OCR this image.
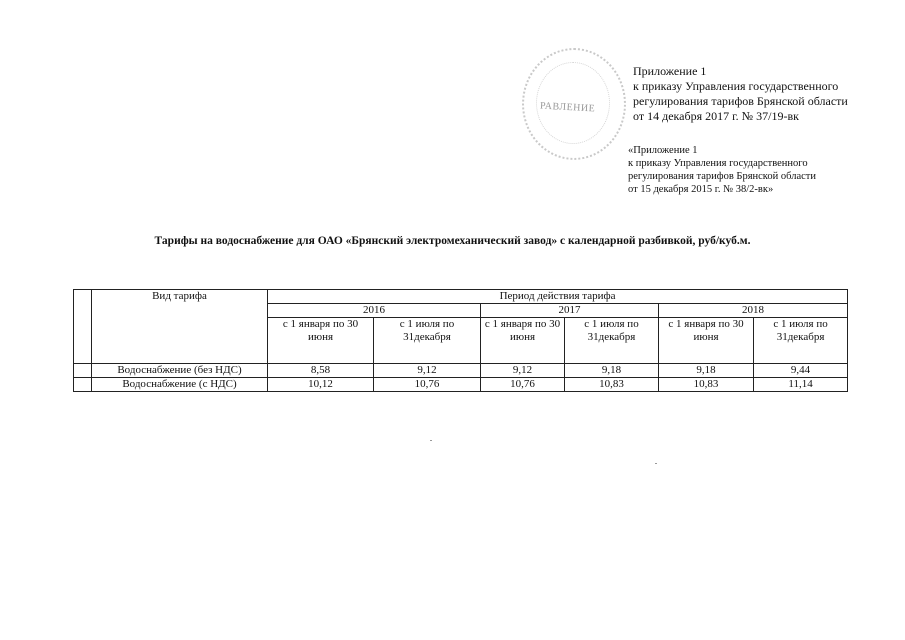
РАВЛЕНИЕ
Приложение 1
к приказу Управления государственного
регулирования тарифов Брянской области
от 14 декабря 2017 г. № 37/19-вк
«Приложение 1
к приказу Управления государственного
регулирования тарифов Брянской области
от 15 декабря 2015 г. № 38/2-вк»
Тарифы на водоснабжение для ОАО «Брянский электромеханический завод» с календарной разбивкой, руб/куб.м.
	Вид тарифа	Период действия тарифа					
		2016		2017		2018	
		с 1 января по 30 июня	с 1 июля по 31декабря	с 1 января по 30 июня	с 1 июля по 31декабря	с 1 января по 30 июня	с 1 июля по 31декабря
	Водоснабжение (без НДС)	8,58	9,12	9,12	9,18	9,18	9,44
	Водоснабжение (с НДС)	10,12	10,76	10,76	10,83	10,83	11,14
